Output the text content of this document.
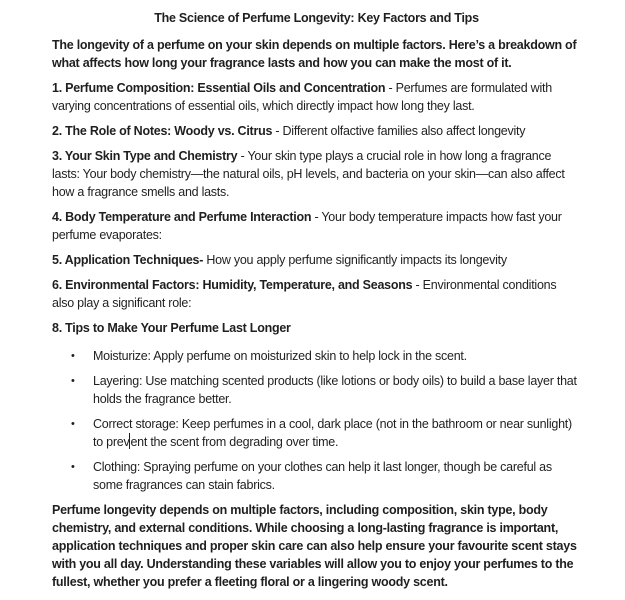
The Science of Perfume Longevity: Key Factors and Tips

The longevity of a perfume on your skin depends on multiple factors. Here’s a breakdown of what affects how long your fragrance lasts and how you can make the most of it.

1. Perfume Composition: Essential Oils and Concentration - Perfumes are formulated with varying concentrations of essential oils, which directly impact how long they last.

2. The Role of Notes: Woody vs. Citrus - Different olfactive families also affect longevity

3. Your Skin Type and Chemistry - Your skin type plays a crucial role in how long a fragrance lasts: Your body chemistry—the natural oils, pH levels, and bacteria on your skin—can also affect how a fragrance smells and lasts.

4. Body Temperature and Perfume Interaction - Your body temperature impacts how fast your perfume evaporates:

5. Application Techniques- How you apply perfume significantly impacts its longevity

6. Environmental Factors: Humidity, Temperature, and Seasons - Environmental conditions also play a significant role:

8. Tips to Make Your Perfume Last Longer

•	Moisturize: Apply perfume on moisturized skin to help lock in the scent.
•	Layering: Use matching scented products (like lotions or body oils) to build a base layer that holds the fragrance better.
•	Correct storage: Keep perfumes in a cool, dark place (not in the bathroom or near sunlight) to prevent the scent from degrading over time.
•	Clothing: Spraying perfume on your clothes can help it last longer, though be careful as some fragrances can stain fabrics.

Perfume longevity depends on multiple factors, including composition, skin type, body chemistry, and external conditions. While choosing a long-lasting fragrance is important, application techniques and proper skin care can also help ensure your favourite scent stays with you all day. Understanding these variables will allow you to enjoy your perfumes to the fullest, whether you prefer a fleeting floral or a lingering woody scent.
